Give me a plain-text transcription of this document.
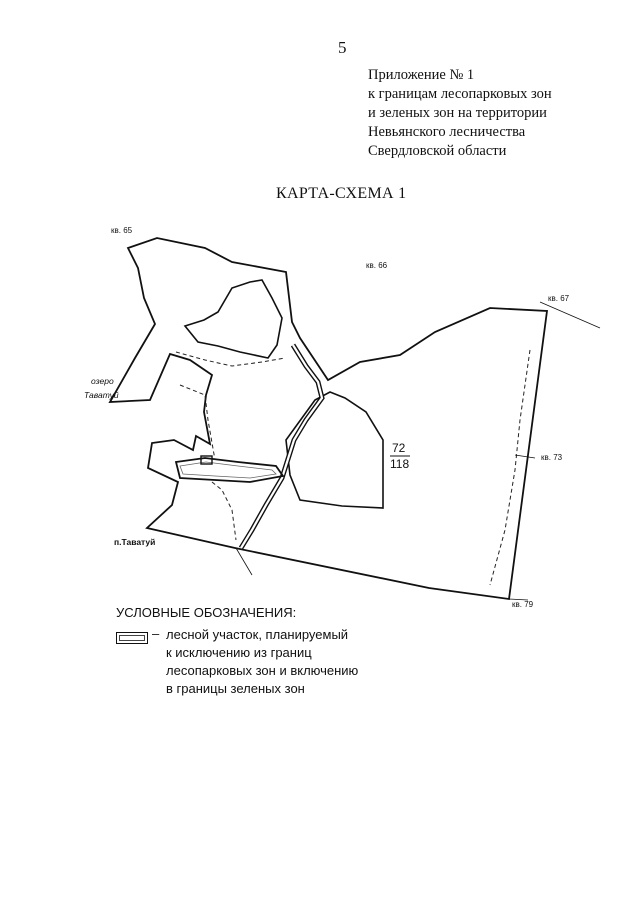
5
Приложение № 1
к границам лесопарковых зон
и зеленых зон на территории
Невьянского лесничества
Свердловской области
КАРТА-СХЕМА 1
кв. 65
кв. 66
кв. 67
кв. 73
кв. 79
озеро
Таватуй
п.Таватуй
72
118
УСЛОВНЫЕ ОБОЗНАЧЕНИЯ:
– лесной участок, планируемый
к исключению из границ
лесопарковых зон и включению
в границы зеленых зон
